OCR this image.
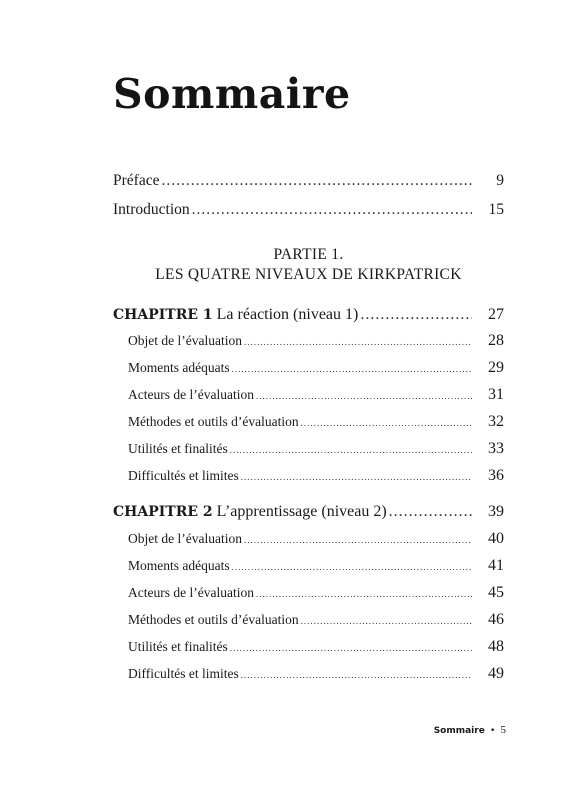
Sommaire
Préface .....	9
Introduction .....	15
PARTIE 1.
LES QUATRE NIVEAUX DE KIRKPATRICK
CHAPITRE 1 La réaction (niveau 1) .....	27
Objet de l’évaluation .....	28
Moments adéquats .....	29
Acteurs de l’évaluation .....	31
Méthodes et outils d’évaluation .....	32
Utilités et finalités .....	33
Difficultés et limites .....	36
CHAPITRE 2 L’apprentissage (niveau 2) .....	39
Objet de l’évaluation .....	40
Moments adéquats .....	41
Acteurs de l’évaluation .....	45
Méthodes et outils d’évaluation .....	46
Utilités et finalités .....	48
Difficultés et limites .....	49
Sommaire • 5
